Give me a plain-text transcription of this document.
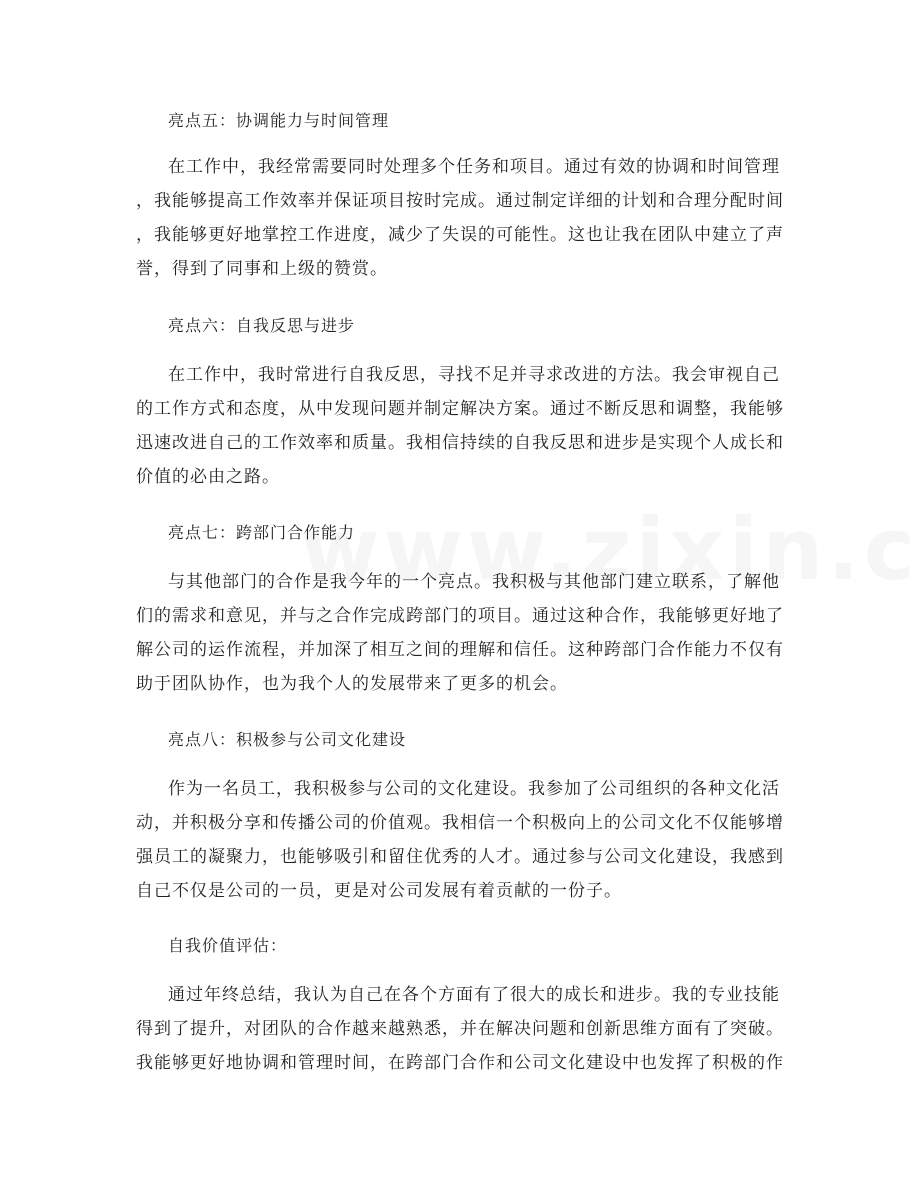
亮点五：协调能力与时间管理
在工作中，我经常需要同时处理多个任务和项目。通过有效的协调和时间管理
，我能够提高工作效率并保证项目按时完成。通过制定详细的计划和合理分配时间
，我能够更好地掌控工作进度，减少了失误的可能性。这也让我在团队中建立了声
誉，得到了同事和上级的赞赏。
亮点六：自我反思与进步
在工作中，我时常进行自我反思，寻找不足并寻求改进的方法。我会审视自己
的工作方式和态度，从中发现问题并制定解决方案。通过不断反思和调整，我能够
迅速改进自己的工作效率和质量。我相信持续的自我反思和进步是实现个人成长和
价值的必由之路。
亮点七：跨部门合作能力
与其他部门的合作是我今年的一个亮点。我积极与其他部门建立联系，了解他
们的需求和意见，并与之合作完成跨部门的项目。通过这种合作，我能够更好地了
解公司的运作流程，并加深了相互之间的理解和信任。这种跨部门合作能力不仅有
助于团队协作，也为我个人的发展带来了更多的机会。
亮点八：积极参与公司文化建设
作为一名员工，我积极参与公司的文化建设。我参加了公司组织的各种文化活
动，并积极分享和传播公司的价值观。我相信一个积极向上的公司文化不仅能够增
强员工的凝聚力，也能够吸引和留住优秀的人才。通过参与公司文化建设，我感到
自己不仅是公司的一员，更是对公司发展有着贡献的一份子。
自我价值评估：
通过年终总结，我认为自己在各个方面有了很大的成长和进步。我的专业技能
得到了提升，对团队的合作越来越熟悉，并在解决问题和创新思维方面有了突破。
我能够更好地协调和管理时间，在跨部门合作和公司文化建设中也发挥了积极的作
